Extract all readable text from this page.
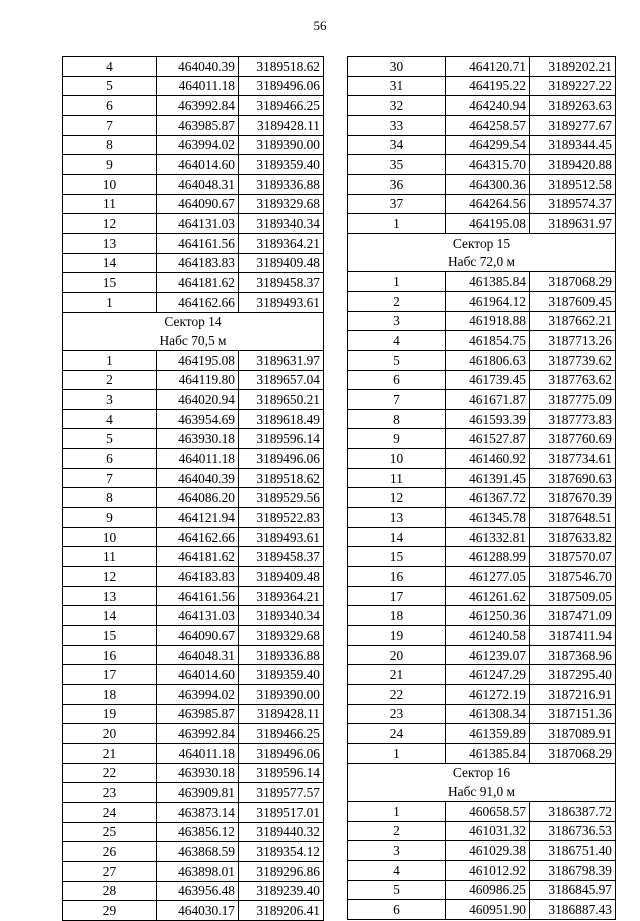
56
4	464040.39	3189518.62
5	464011.18	3189496.06
6	463992.84	3189466.25
7	463985.87	3189428.11
8	463994.02	3189390.00
9	464014.60	3189359.40
10	464048.31	3189336.88
11	464090.67	3189329.68
12	464131.03	3189340.34
13	464161.56	3189364.21
14	464183.83	3189409.48
15	464181.62	3189458.37
1	464162.66	3189493.61
Сектор 14		
Набс 70,5 м		
1	464195.08	3189631.97
2	464119.80	3189657.04
3	464020.94	3189650.21
4	463954.69	3189618.49
5	463930.18	3189596.14
6	464011.18	3189496.06
7	464040.39	3189518.62
8	464086.20	3189529.56
9	464121.94	3189522.83
10	464162.66	3189493.61
11	464181.62	3189458.37
12	464183.83	3189409.48
13	464161.56	3189364.21
14	464131.03	3189340.34
15	464090.67	3189329.68
16	464048.31	3189336.88
17	464014.60	3189359.40
18	463994.02	3189390.00
19	463985.87	3189428.11
20	463992.84	3189466.25
21	464011.18	3189496.06
22	463930.18	3189596.14
23	463909.81	3189577.57
24	463873.14	3189517.01
25	463856.12	3189440.32
26	463868.59	3189354.12
27	463898.01	3189296.86
28	463956.48	3189239.40
29	464030.17	3189206.41
30	464120.71	3189202.21
31	464195.22	3189227.22
32	464240.94	3189263.63
33	464258.57	3189277.67
34	464299.54	3189344.45
35	464315.70	3189420.88
36	464300.36	3189512.58
37	464264.56	3189574.37
1	464195.08	3189631.97
Сектор 15		
Набс 72,0 м		
1	461385.84	3187068.29
2	461964.12	3187609.45
3	461918.88	3187662.21
4	461854.75	3187713.26
5	461806.63	3187739.62
6	461739.45	3187763.62
7	461671.87	3187775.09
8	461593.39	3187773.83
9	461527.87	3187760.69
10	461460.92	3187734.61
11	461391.45	3187690.63
12	461367.72	3187670.39
13	461345.78	3187648.51
14	461332.81	3187633.82
15	461288.99	3187570.07
16	461277.05	3187546.70
17	461261.62	3187509.05
18	461250.36	3187471.09
19	461240.58	3187411.94
20	461239.07	3187368.96
21	461247.29	3187295.40
22	461272.19	3187216.91
23	461308.34	3187151.36
24	461359.89	3187089.91
1	461385.84	3187068.29
Сектор 16		
Набс 91,0 м		
1	460658.57	3186387.72
2	461031.32	3186736.53
3	461029.38	3186751.40
4	461012.92	3186798.39
5	460986.25	3186845.97
6	460951.90	3186887.43
